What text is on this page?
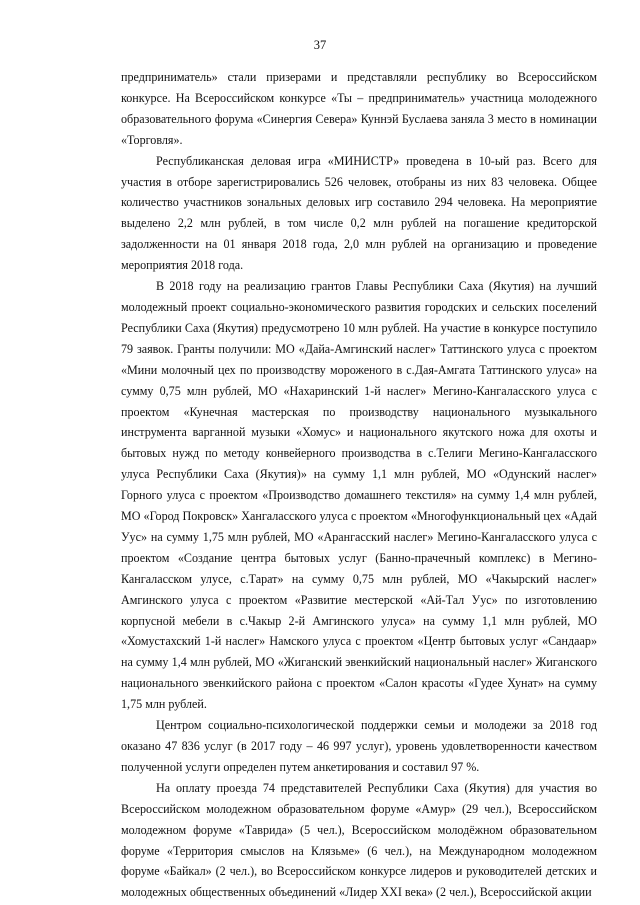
37

предприниматель» стали призерами и представляли республику во Всероссийском конкурсе. На Всероссийском конкурсе «Ты – предприниматель» участница молодежного образовательного форума «Синергия Севера» Куннэй Буслаева заняла 3 место в номинации «Торговля».

Республиканская деловая игра «МИНИСТР» проведена в 10-ый раз. Всего для участия в отборе зарегистрировались 526 человек, отобраны из них 83 человека. Общее количество участников зональных деловых игр составило 294 человека. На мероприятие выделено 2,2 млн рублей, в том числе 0,2 млн рублей на погашение кредиторской задолженности на 01 января 2018 года, 2,0 млн рублей на организацию и проведение мероприятия 2018 года.

В 2018 году на реализацию грантов Главы Республики Саха (Якутия) на лучший молодежный проект социально-экономического развития городских и сельских поселений Республики Саха (Якутия) предусмотрено 10 млн рублей. На участие в конкурсе поступило 79 заявок. Гранты получили: МО «Дайа-Амгинский наслег» Таттинского улуса с проектом «Мини молочный цех по производству мороженого в с.Дая-Амгата Таттинского улуса» на сумму 0,75 млн рублей, МО «Нахаринский 1-й наслег» Мегино-Кангаласского улуса с проектом «Кунечная мастерская по производству национального музыкального инструмента варганной музыки «Хомус» и национального якутского ножа для охоты и бытовых нужд по методу конвейерного производства в с.Телиги Мегино-Кангаласского улуса Республики Саха (Якутия)» на сумму 1,1 млн рублей, МО «Одунский наслег» Горного улуса с проектом «Производство домашнего текстиля» на сумму 1,4 млн рублей, МО «Город Покровск» Хангаласского улуса с проектом «Многофункциональный цех «Адай Уус» на сумму 1,75 млн рублей, МО «Арангасский наслег» Мегино-Кангаласского улуса с проектом «Создание центра бытовых услуг (Банно-прачечный комплекс) в Мегино-Кангаласском улусе, с.Тарат» на сумму 0,75 млн рублей, МО «Чакырский наслег» Амгинского улуса с проектом «Развитие местерской «Ай-Тал Уус» по изготовлению корпусной мебели в с.Чакыр 2-й Амгинского улуса» на сумму 1,1 млн рублей, МО «Хомустахский 1-й наслег» Намского улуса с проектом «Центр бытовых услуг «Сандаар» на сумму 1,4 млн рублей, МО «Жиганский эвенкийский национальный наслег» Жиганского национального эвенкийского района с проектом «Салон красоты «Гудее Хунат» на сумму 1,75 млн рублей.

Центром социально-психологической поддержки семьи и молодежи за 2018 год оказано 47 836 услуг (в 2017 году – 46 997 услуг), уровень удовлетворенности качеством полученной услуги определен путем анкетирования и составил 97 %.

На оплату проезда 74 представителей Республики Саха (Якутия) для участия во Всероссийском молодежном образовательном форуме «Амур» (29 чел.), Всероссийском молодежном форуме «Таврида» (5 чел.), Всероссийском молодёжном образовательном форуме «Территория смыслов на Клязьме» (6 чел.), на Международном молодежном форуме «Байкал» (2 чел.), во Всероссийском конкурсе лидеров и руководителей детских и молодежных общественных объединений «Лидер XXI века» (2 чел.), Всероссийской акции
